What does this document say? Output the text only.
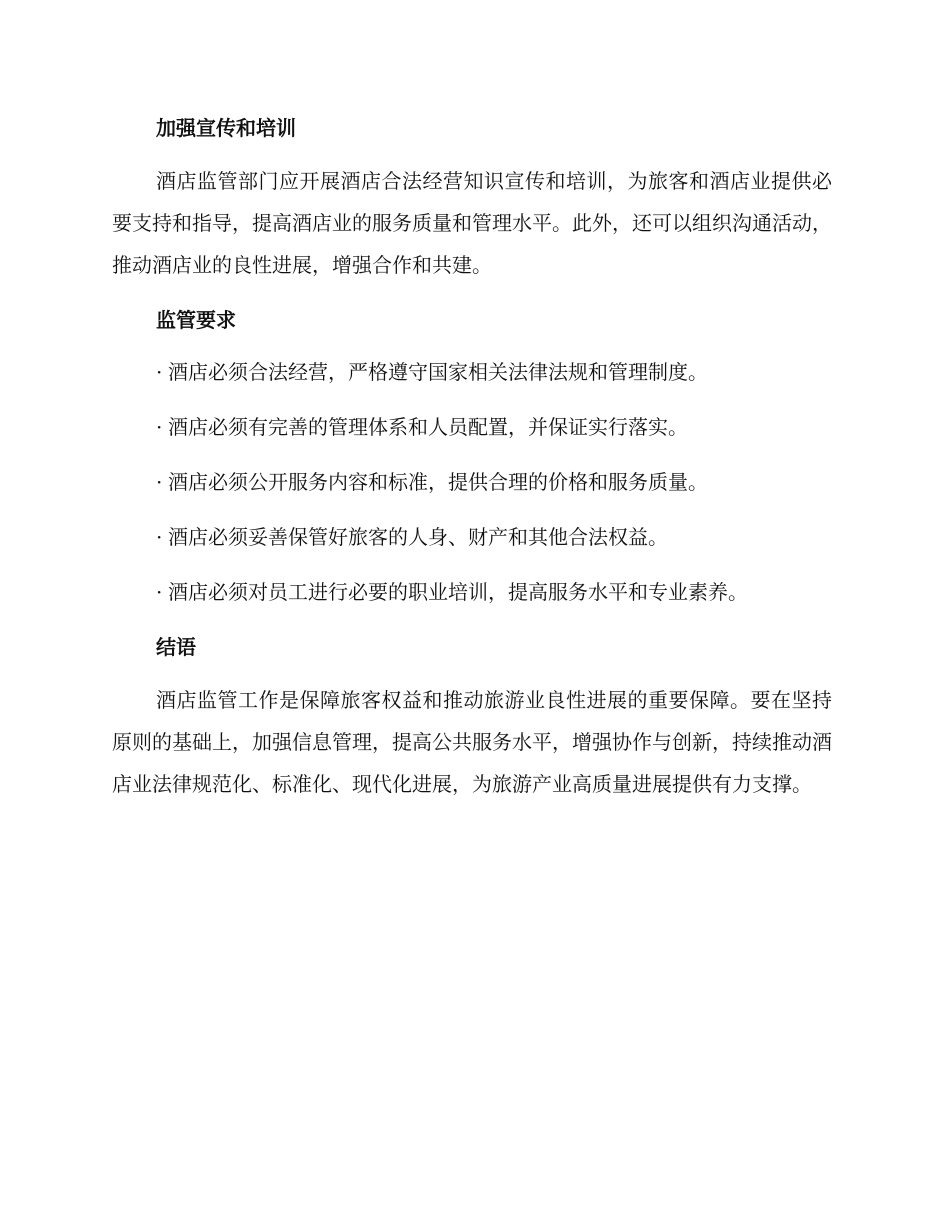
加强宣传和培训

酒店监管部门应开展酒店合法经营知识宣传和培训，为旅客和酒店业提供必要支持和指导，提高酒店业的服务质量和管理水平。此外，还可以组织沟通活动，推动酒店业的良性进展，增强合作和共建。

监管要求

· 酒店必须合法经营，严格遵守国家相关法律法规和管理制度。

· 酒店必须有完善的管理体系和人员配置，并保证实行落实。

· 酒店必须公开服务内容和标准，提供合理的价格和服务质量。

· 酒店必须妥善保管好旅客的人身、财产和其他合法权益。

· 酒店必须对员工进行必要的职业培训，提高服务水平和专业素养。

结语

酒店监管工作是保障旅客权益和推动旅游业良性进展的重要保障。要在坚持原则的基础上，加强信息管理，提高公共服务水平，增强协作与创新，持续推动酒店业法律规范化、标准化、现代化进展，为旅游产业高质量进展提供有力支撑。
